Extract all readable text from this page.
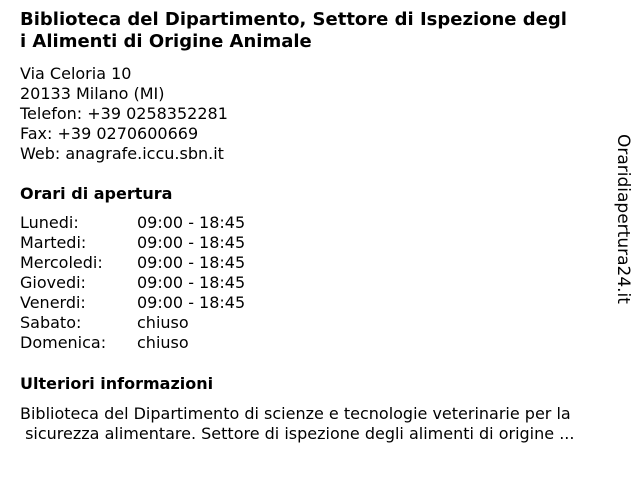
Biblioteca del Dipartimento, Settore di Ispezione degl
i Alimenti di Origine Animale
Via Celoria 10
20133 Milano (MI)
Telefon: +39 0258352281
Fax: +39 0270600669
Web: anagrafe.iccu.sbn.it
Orari di apertura
Lunedi:	09:00 - 18:45
Martedi:	09:00 - 18:45
Mercoledi:	09:00 - 18:45
Giovedi:	09:00 - 18:45
Venerdi:	09:00 - 18:45
Sabato:	chiuso
Domenica:	chiuso
Ulteriori informazioni
Biblioteca del Dipartimento di scienze e tecnologie veterinarie per la
sicurezza alimentare. Settore di ispezione degli alimenti di origine ...
Oraridiapertura24.it
